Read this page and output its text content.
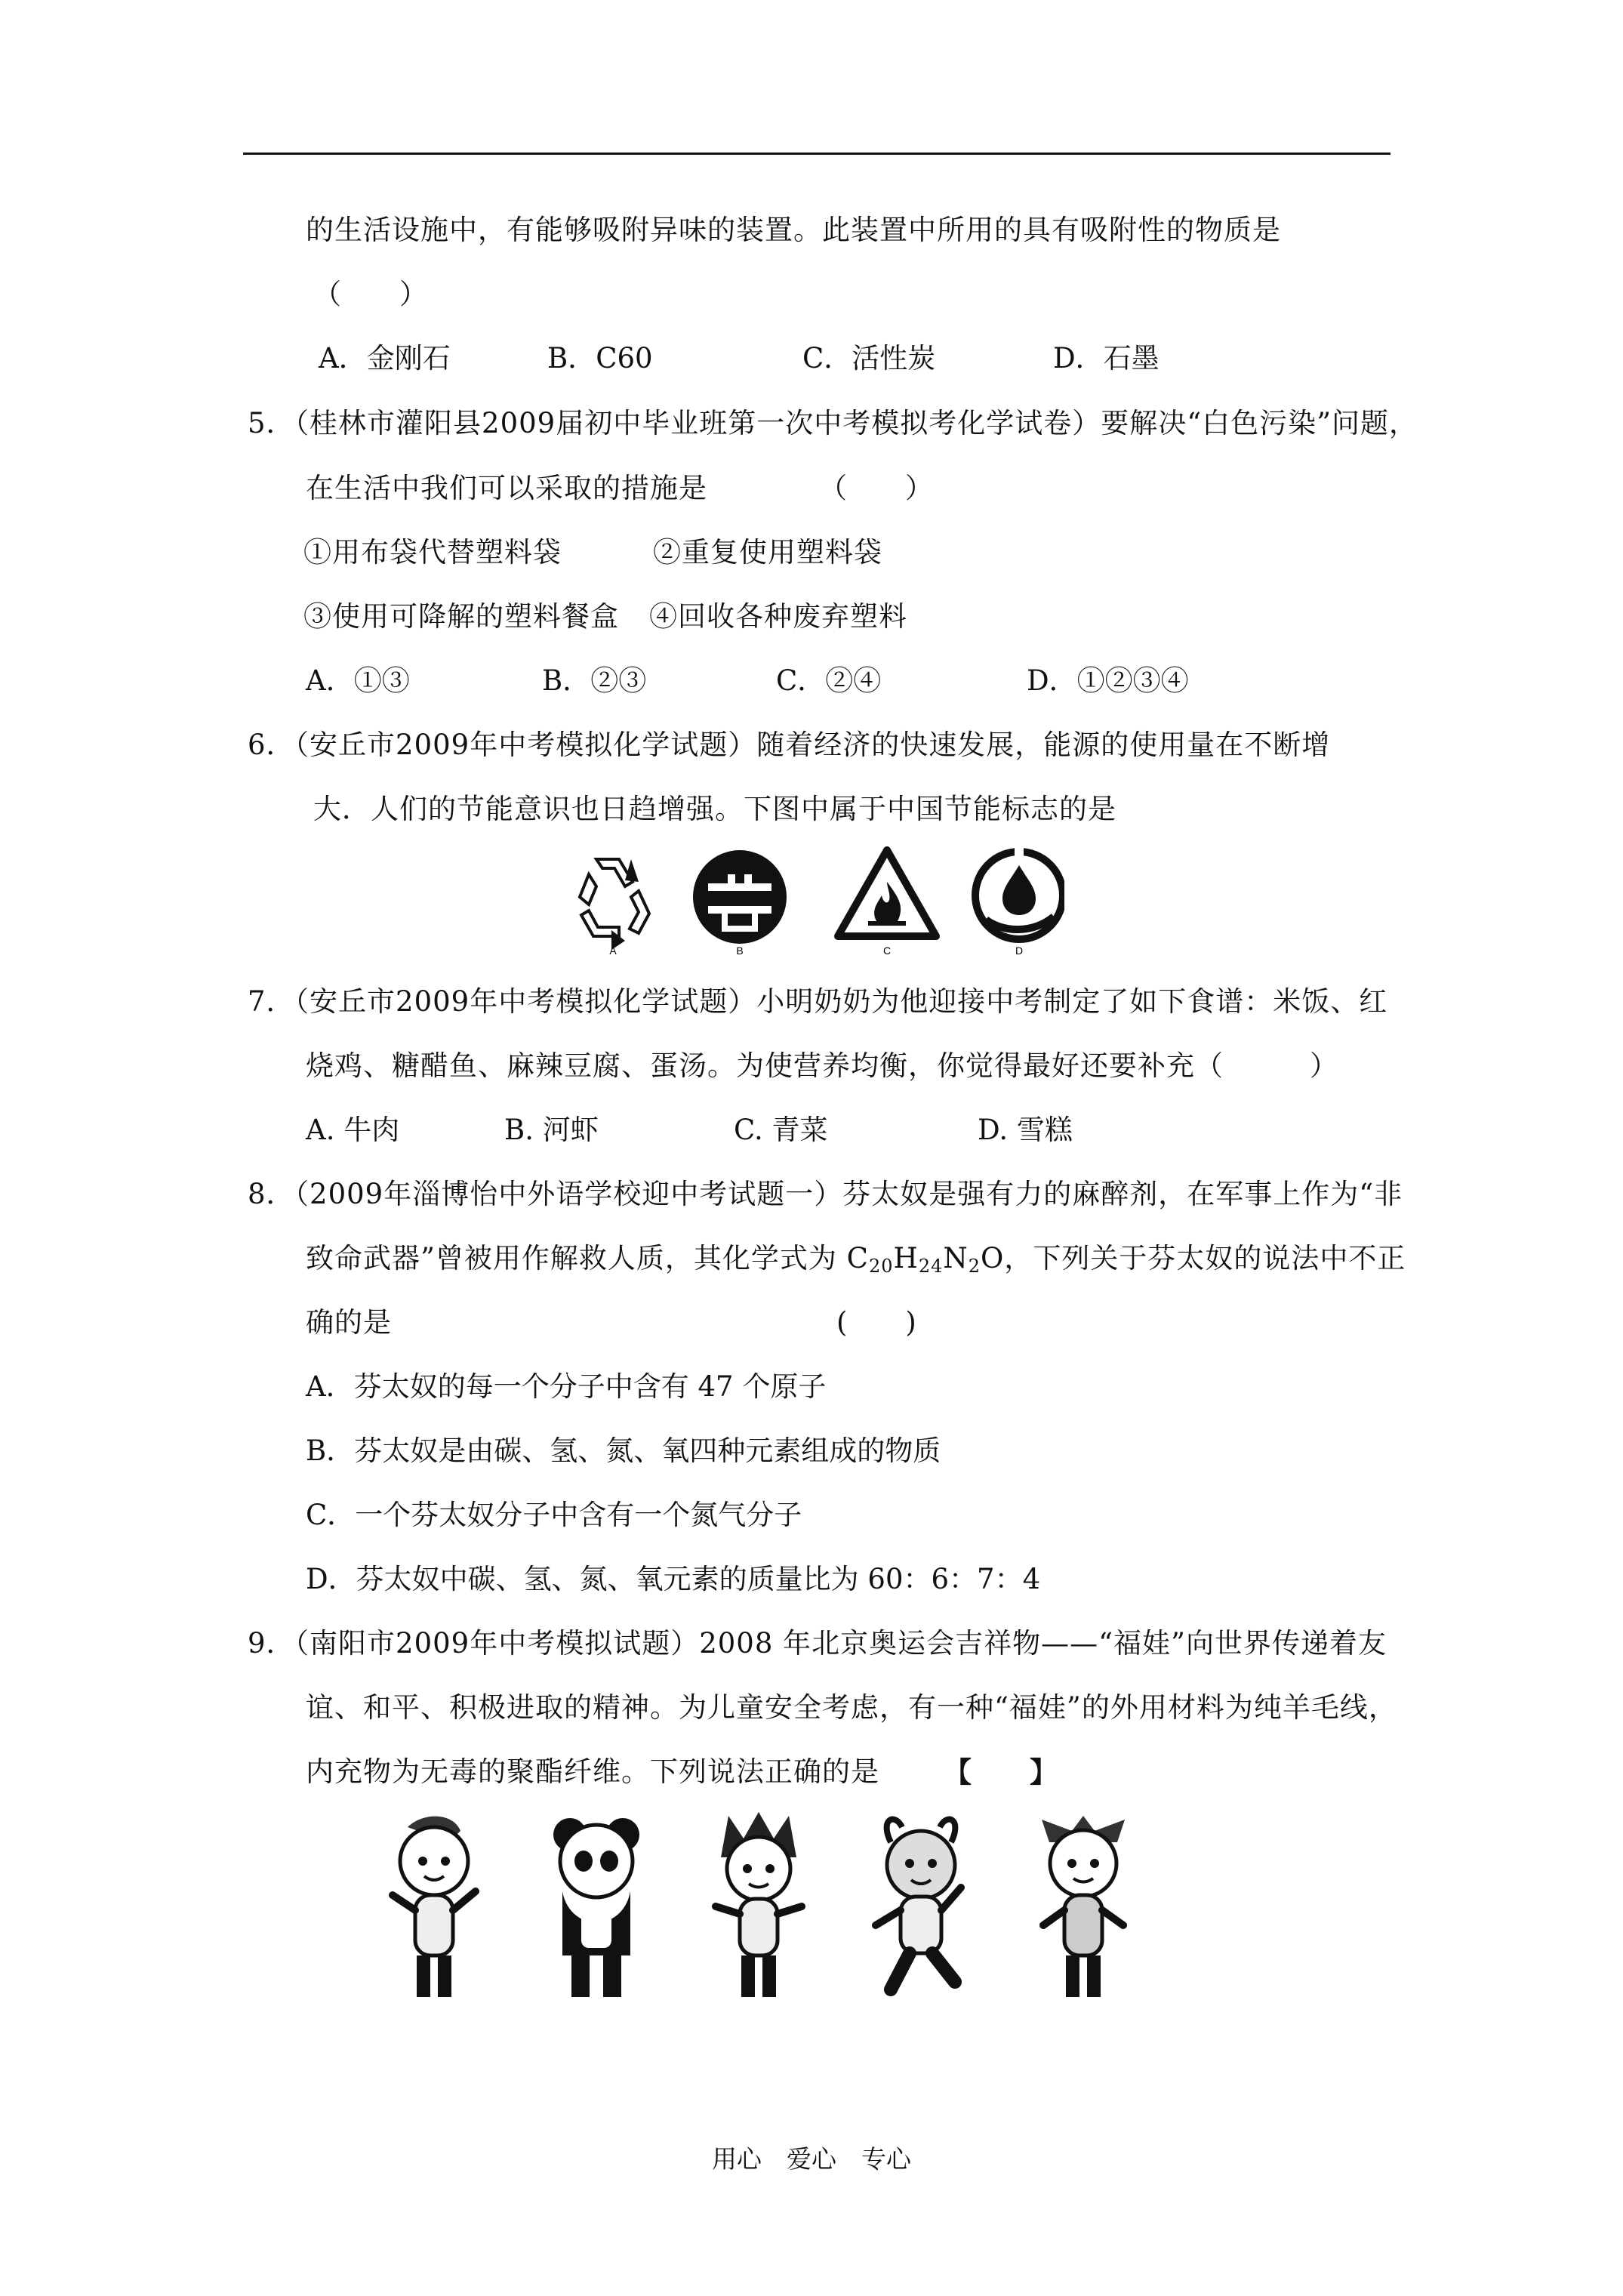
的生活设施中，有能够吸附异味的装置。此装置中所用的具有吸附性的物质是
（　　）
A．金刚石	B．C60	C．活性炭	D．石墨
5．（桂林市灌阳县2009届初中毕业班第一次中考模拟考化学试卷）要解决“白色污染”问题，
在生活中我们可以采取的措施是	（　　）
①用布袋代替塑料袋	②重复使用塑料袋
③使用可降解的塑料餐盒 ④回收各种废弃塑料
A．①③	B．②③	C．②④	D．①②③④
6．（安丘市2009年中考模拟化学试题）随着经济的快速发展，能源的使用量在不断增
大．人们的节能意识也日趋增强。下图中属于中国节能标志的是
A	B	C	D
7．（安丘市2009年中考模拟化学试题）小明奶奶为他迎接中考制定了如下食谱：米饭、红
烧鸡、糖醋鱼、麻辣豆腐、蛋汤。为使营养均衡，你觉得最好还要补充（　　　）
A. 牛肉	B. 河虾	C. 青菜	D. 雪糕
8．（2009年淄博怡中外语学校迎中考试题一）芬太奴是强有力的麻醉剂，在军事上作为“非
致命武器”曾被用作解救人质，其化学式为 $C_{20}H_{24}N_2O$，下列关于芬太奴的说法中不正
确的是	(　　)
A．芬太奴的每一个分子中含有 47 个原子
B．芬太奴是由碳、氢、氮、氧四种元素组成的物质
C．一个芬太奴分子中含有一个氮气分子
D．芬太奴中碳、氢、氮、氧元素的质量比为 60：6：7：4
9．（南阳市2009年中考模拟试题）2008 年北京奥运会吉祥物——“福娃”向世界传递着友
谊、和平、积极进取的精神。为儿童安全考虑，有一种“福娃”的外用材料为纯羊毛线，
内充物为无毒的聚酯纤维。下列说法正确的是 【　　】
用心　爱心　专心
